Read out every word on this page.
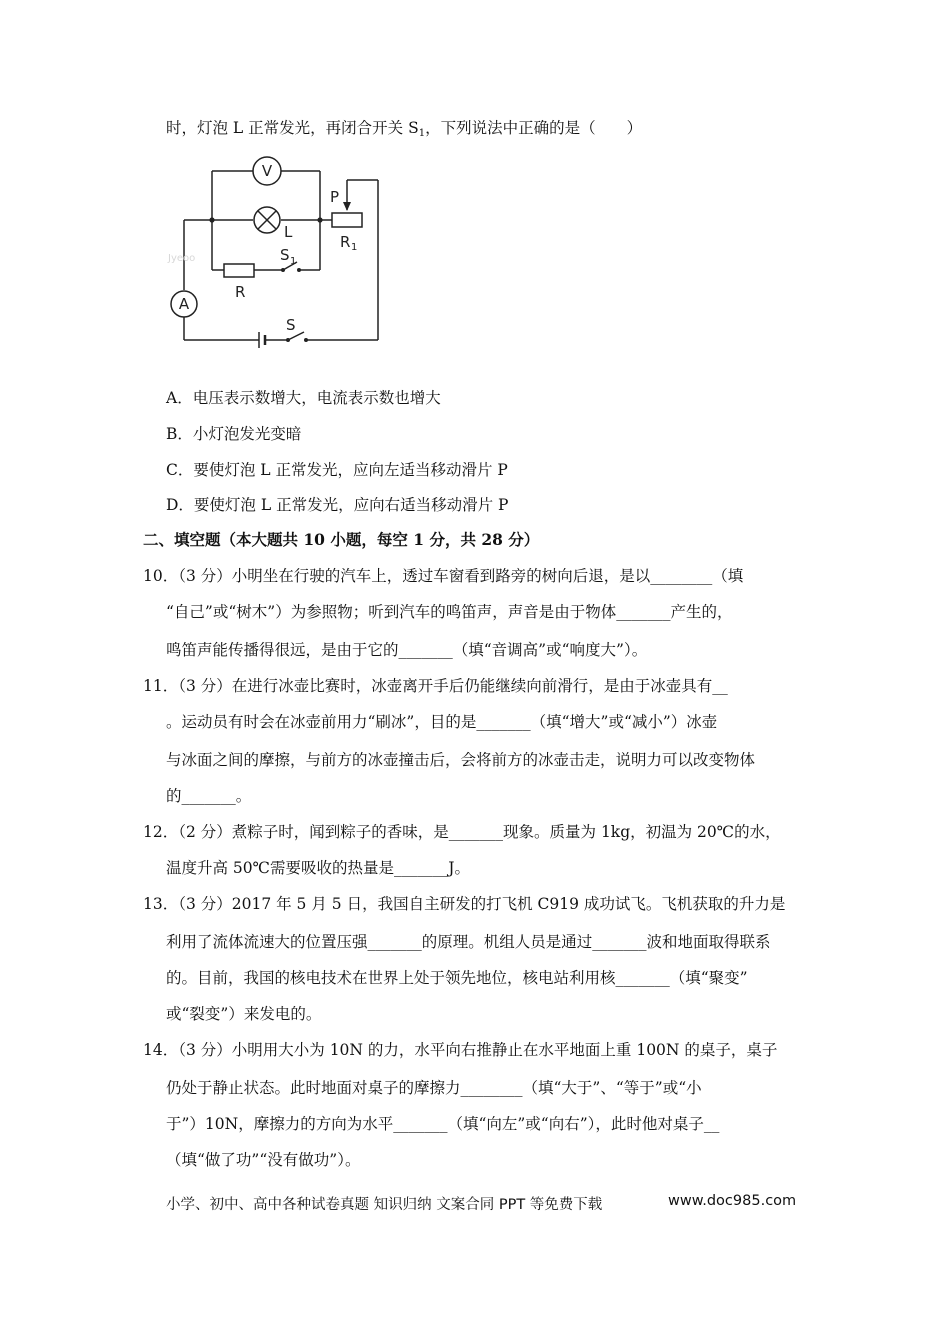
时，灯泡 L 正常发光，再闭合开关 $S_1$，下列说法中正确的是（　　）
V
A
L
P
R 1
R
S 1
S
Jyeoo
A．电压表示数增大，电流表示数也增大
B．小灯泡发光变暗
C．要使灯泡 L 正常发光，应向左适当移动滑片 P
D．要使灯泡 L 正常发光，应向右适当移动滑片 P
二、填空题（本大题共 10 小题，每空 1 分，共 28 分）
10．（3 分）小明坐在行驶的汽车上，透过车窗看到路旁的树向后退，是以________（填
“自己”或“树木”）为参照物；听到汽车的鸣笛声，声音是由于物体_______产生的，
鸣笛声能传播得很远，是由于它的_______（填“音调高”或“响度大”）。
11．（3 分）在进行冰壶比赛时，冰壶离开手后仍能继续向前滑行，是由于冰壶具有__
。运动员有时会在冰壶前用力“刷冰”，目的是_______（填“增大”或“减小”）冰壶
与冰面之间的摩擦，与前方的冰壶撞击后，会将前方的冰壶击走，说明力可以改变物体
的_______。
12．（2 分）煮粽子时，闻到粽子的香味，是_______现象。质量为 1kg，初温为 20℃的水，
温度升高 50℃需要吸收的热量是_______J。
13．（3 分）2017 年 5 月 5 日，我国自主研发的打飞机 C919 成功试飞。飞机获取的升力是
利用了流体流速大的位置压强_______的原理。机组人员是通过_______波和地面取得联系
的。目前，我国的核电技术在世界上处于领先地位，核电站利用核_______（填“聚变”
或“裂变”）来发电的。
14．（3 分）小明用大小为 10N 的力，水平向右推静止在水平地面上重 100N 的桌子，桌子
仍处于静止状态。此时地面对桌子的摩擦力________（填“大于”、“等于”或“小
于”）10N，摩擦力的方向为水平_______（填“向左”或“向右”），此时他对桌子__
（填“做了功”“没有做功”）。
小学、初中、高中各种试卷真题 知识归纳 文案合同 PPT 等免费下载	www.doc985.com
